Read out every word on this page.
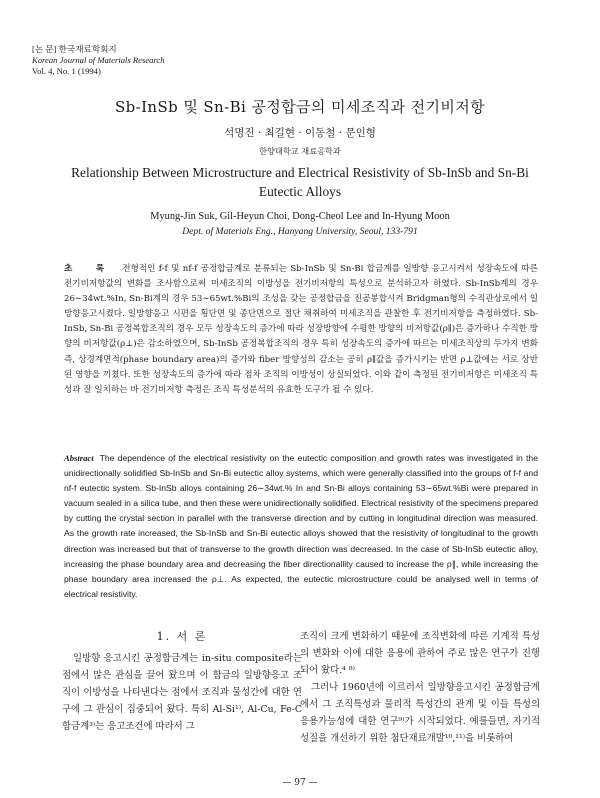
[논 문] 한국재료학회지
Korean Journal of Materials Research
Vol. 4, No. 1 (1994)
Sb-InSb 및 Sn-Bi 공정합금의 미세조직과 전기비저항
석명진 · 최길현 · 이동철 · 문인형
한양대학교 재료공학과
Relationship Between Microstructure and Electrical Resistivity of Sb-InSb and Sn-Bi Eutectic Alloys
Myung-Jin Suk, Gil-Heyun Choi, Dong-Cheol Lee and In-Hyung Moon
Dept. of Materials Eng., Hanyang University, Seoul, 133-791
초 록 전형적인 f-f 및 nf-f 공정합금계로 분류되는 Sb-InSb 및 Sn-Bi 합금계를 일방향 응고시켜서 성장속도에 따른 전기비저항값의 변화를 조사함으로써 미세조직의 이방성을 전기비저항의 특성으로 분석하고자 하였다. Sb-InSb계의 경우 26∼34wt.%In, Sn-Bi계의 경우 53∼65wt.%Bi의 조성을 갖는 공정합금을 진공봉합시켜 Bridgman형의 수직관상로에서 일방향응고시켰다. 일방향응고 시편을 횡단면 및 종단면으로 절단 채취하여 미세조직을 관찰한 후 전기비저항을 측정하였다. Sb-InSb, Sn-Bi 공정복합조직의 경우 모두 성장속도의 증가에 따라 성장방향에 수평한 방향의 비저항값(ρ∥)은 증가하나 수직한 방향의 비저항값(ρ⊥)은 감소하였으며, Sb-InSb 공정복합조직의 경우 특히 성장속도의 증가에 따르는 미세조직상의 두가지 변화 즉, 상경계면적(phase boundary area)의 증가와 fiber 방향성의 감소는 공히 ρ∥값을 증가시키는 반면 ρ⊥값에는 서로 상반된 영향을 끼쳤다. 또한 성장속도의 증가에 따라 점차 조직의 이방성이 상실되었다. 이와 같이 측정된 전기비저항은 미세조직 특성과 잘 일치하는 바 전기비저항 측정은 조직 특성분석의 유효한 도구가 될 수 있다.
Abstract The dependence of the electrical resistivity on the eutectic composition and growth rates was investigated in the unidirectionally solidified Sb-InSb and Sn-Bi eutectic alloy systems, which were generally classified into the groups of f-f and nf-f eutectic system. Sb-InSb alloys containing 26∼34wt.% In and Sn-Bi alloys containing 53∼65wt.%Bi were prepared in vacuum sealed in a silica tube, and then these were unidirectionally solidified. Electrical resistivity of the specimens prepared by cutting the crystal section in parallel with the transverse direction and by cutting in longitudinal direction was measured. As the growth rate increased, the Sb-InSb and Sn-Bi eutectic alloys showed that the resistivity of longitudinal to the growth direction was increased but that of transverse to the growth direction was decreased. In the case of Sb-InSb eutectic alloy, increasing the phase boundary area and decreasing the fiber directionallity caused to increase the ρ∥, while increasing the phase boundary area increased the ρ⊥. As expected, the eutectic microstructure could be analysed well in terms of electrical resistivity.
1. 서 론

일방향 응고시킨 공정합금계는 in-situ composite라는 점에서 많은 관심을 끌어 왔으며 이 합금의 일방향응고 조직이 이방성을 나타낸다는 점에서 조직과 물성간에 대한 연구에 그 관심이 집중되어 왔다. 특히 Al-Si¹⁾, Al-Cu, Fe-C 합금계³⁾는 응고조건에 따라서 그

조직이 크게 변화하기 때문에 조직변화에 따른 기계적 특성의 변화와 이에 대한 응용에 관하여 주로 많은 연구가 진행되어 왔다.⁴ ⁸⁾

그러나 1960년에 이르러서 일방향응고시킨 공정합금계에서 그 조직특성과 물리적 특성간의 관계 및 이들 특성의 응용가능성에 대한 연구⁹⁾가 시작되었다. 예를들면, 자기적 성질을 개선하기 위한 첨단재료개발¹⁰,¹¹⁾을 비롯하여

— 97 —
